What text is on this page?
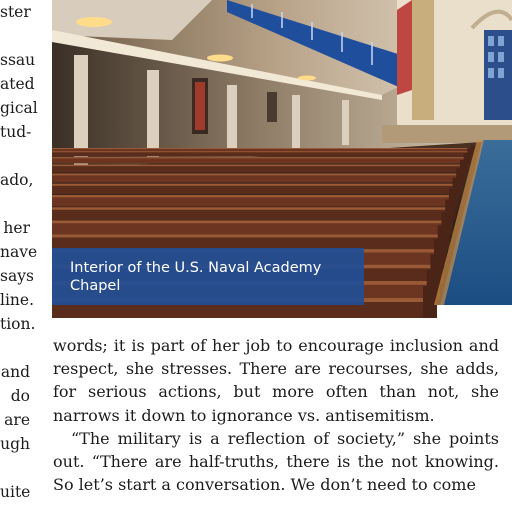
ster
ssau
ated
gical
tud-
ado,
her
nave
says
line.
tion.
and
do
are
ugh
uite
Interior of the U.S. Naval Academy
Chapel

words; it is part of her job to encourage inclusion and respect, she stresses. There are recourses, she adds, for serious actions, but more often than not, she narrows it down to ignorance vs. antisemitism.

“The military is a reflection of society,” she points out. “There are half-truths, there is the not knowing. So let’s start a conversation. We don’t need to come
